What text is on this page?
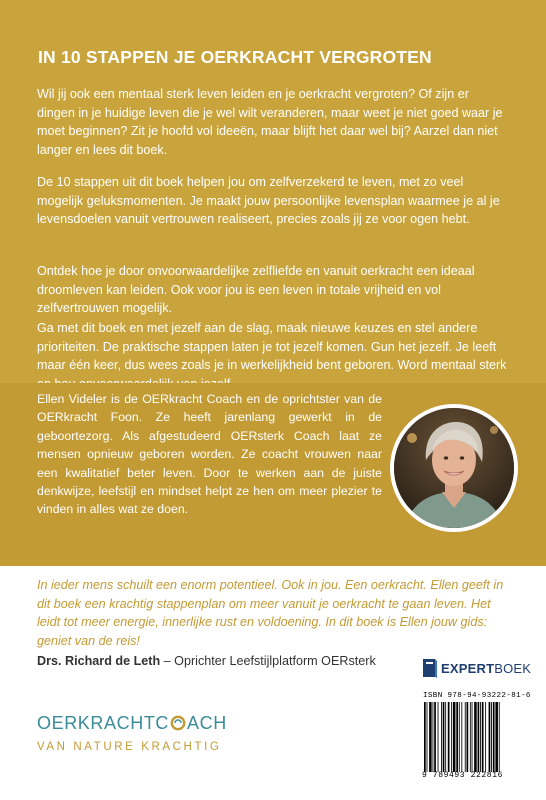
IN 10 STAPPEN JE OERKRACHT VERGROTEN

Wil jij ook een mentaal sterk leven leiden en je oerkracht vergroten? Of zijn er dingen in je huidige leven die je wel wilt veranderen, maar weet je niet goed waar je moet beginnen? Zit je hoofd vol ideeën, maar blijft het daar wel bij? Aarzel dan niet langer en lees dit boek.

De 10 stappen uit dit boek helpen jou om zelfverzekerd te leven, met zo veel mogelijk geluksmomenten. Je maakt jouw persoonlijke levensplan waarmee je al je levensdoelen vanuit vertrouwen realiseert, precies zoals jij ze voor ogen hebt.

Ontdek hoe je door onvoorwaardelijke zelfliefde en vanuit oerkracht een ideaal droomleven kan leiden. Ook voor jou is een leven in totale vrijheid en vol zelfvertrouwen mogelijk.

Ga met dit boek en met jezelf aan de slag, maak nieuwe keuzes en stel andere prioriteiten. De praktische stappen laten je tot jezelf komen. Gun het jezelf. Je leeft maar één keer, dus wees zoals je in werkelijkheid bent geboren. Word mentaal sterk

Ellen Videler is de OERkracht Coach en de oprichtster van de OERkracht Foon. Ze heeft jarenlang gewerkt in de geboortezorg. Als afgestudeerd OERsterk Coach laat ze mensen opnieuw geboren worden. Ze coacht vrouwen naar een kwalitatief beter leven. Door te werken aan de juiste denkwijze, leefstijl en mindset helpt ze hen om meer plezier te vinden in alles wat ze doen.

In ieder mens schuilt een enorm potentieel. Ook in jou. Een oerkracht. Ellen geeft in dit boek een krachtig stappenplan om meer vanuit je oerkracht te gaan leven. Het leidt tot meer energie, innerlijke rust en voldoening. In dit boek is Ellen jouw gids: geniet van de reis!

Drs. Richard de Leth – Oprichter Leefstijlplatform OERsterk

OERKRACHTC ACH
VAN NATURE KRACHTIG
EXPERTBOEK
ISBN 978-94-93222-81-6
9 789493 222816
